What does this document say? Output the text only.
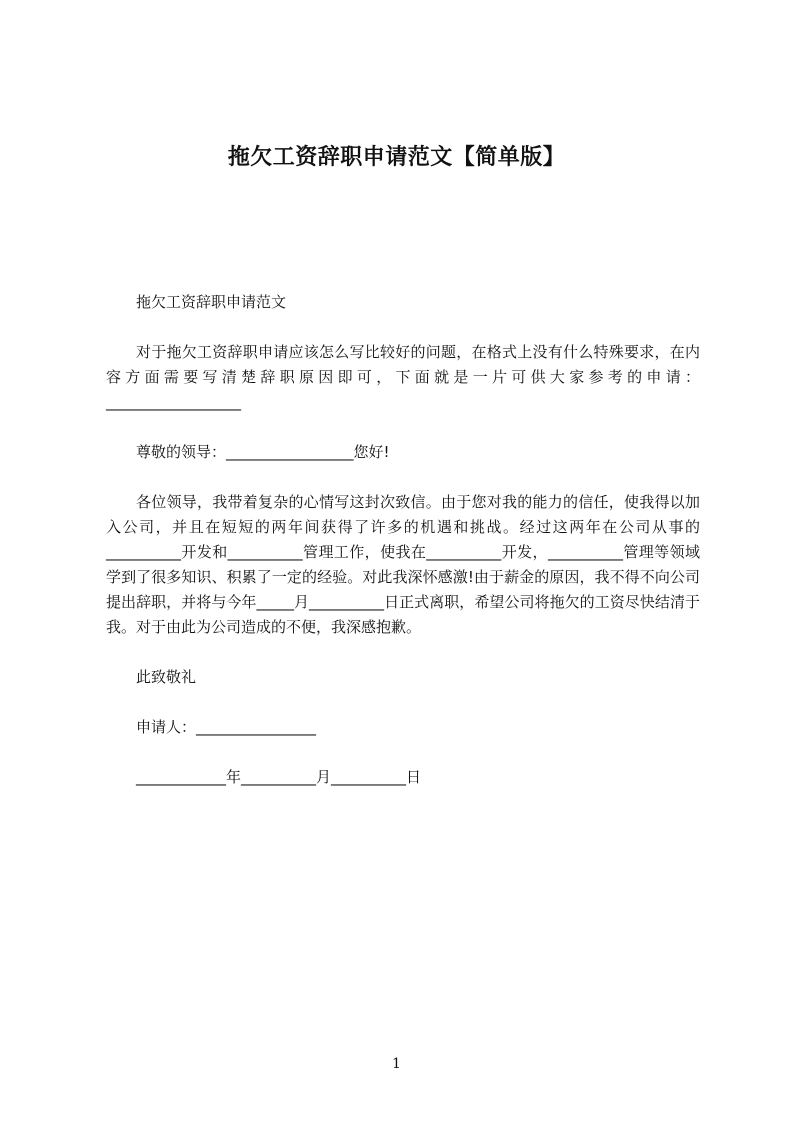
拖欠工资辞职申请范文【简单版】

拖欠工资辞职申请范文

对于拖欠工资辞职申请应该怎么写比较好的问题，在格式上没有什么特殊要求，在内容方面需要写清楚辞职原因即可，下面就是一片可供大家参考的申请：__________________

尊敬的领导：_________________您好!

各位领导，我带着复杂的心情写这封次致信。由于您对我的能力的信任，使我得以加入公司，并且在短短的两年间获得了许多的机遇和挑战。经过这两年在公司从事的__________开发和__________管理工作，使我在__________开发，__________管理等领域学到了很多知识、积累了一定的经验。对此我深怀感激!由于薪金的原因，我不得不向公司提出辞职，并将与今年_____月__________日正式离职，希望公司将拖欠的工资尽快结清于我。对于由此为公司造成的不便，我深感抱歉。

此致敬礼

申请人：________________

____________年__________月__________日

1
